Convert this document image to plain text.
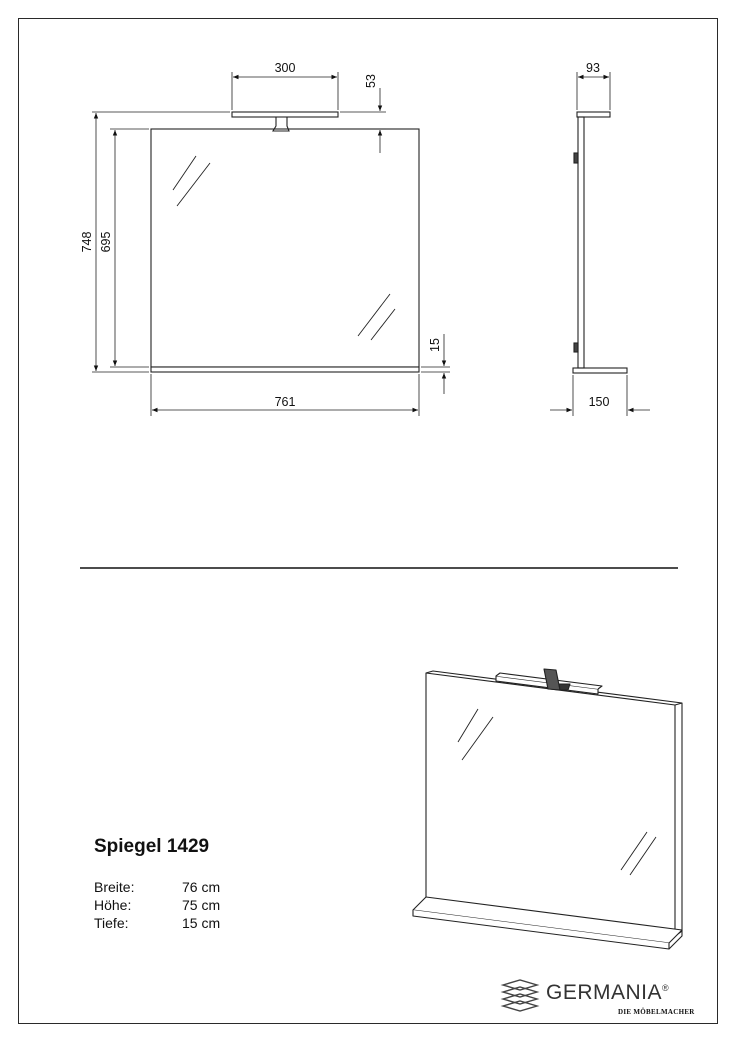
300
53
748 695
15
761
93
150
Spiegel 1429
Breite:	76 cm
Höhe:	75 cm
Tiefe:	15 cm
GERMANIA®
DIE MÖBELMACHER
